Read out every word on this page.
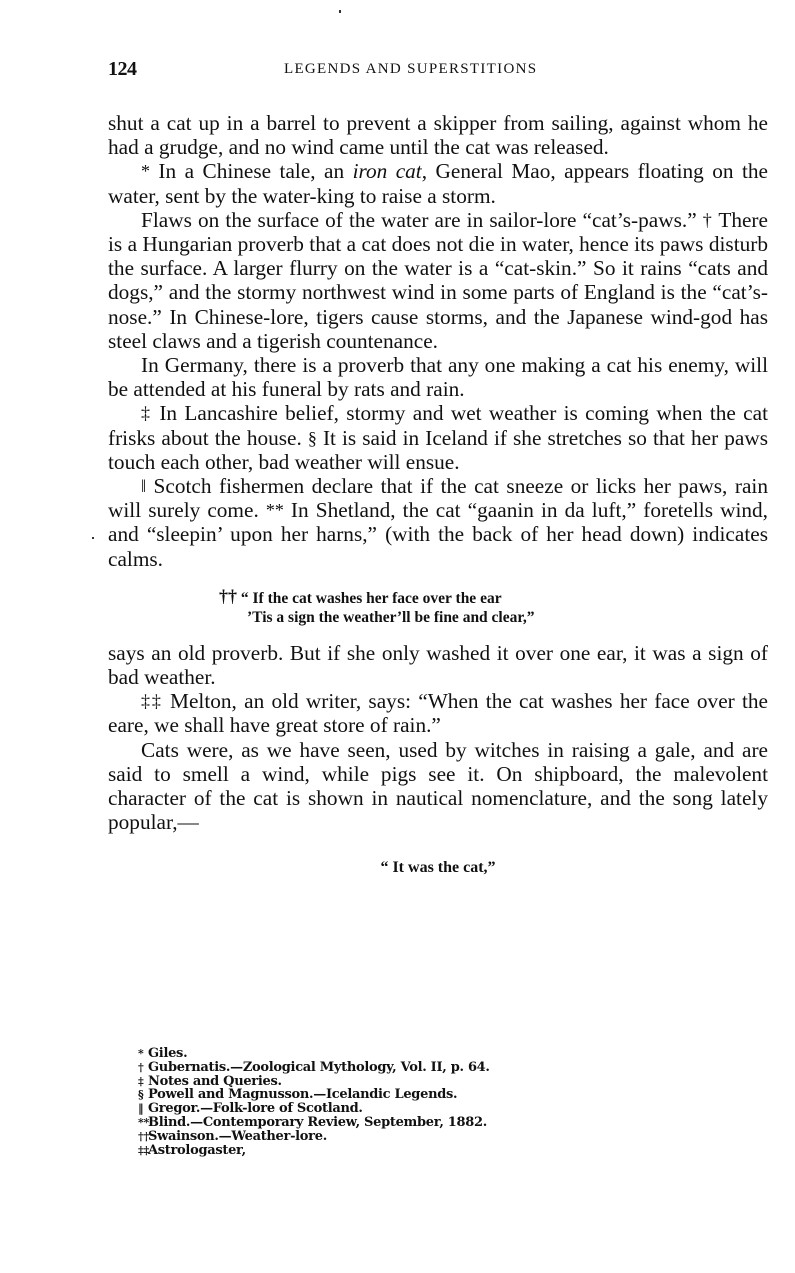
124	LEGENDS AND SUPERSTITIONS

shut a cat up in a barrel to prevent a skipper from sailing, against whom he had a grudge, and no wind came until the cat was released.

* In a Chinese tale, an iron cat, General Mao, appears floating on the water, sent by the water-king to raise a storm.

Flaws on the surface of the water are in sailor-lore “cat’s-paws.” † There is a Hungarian proverb that a cat does not die in water, hence its paws disturb the surface. A larger flurry on the water is a “cat-skin.” So it rains “cats and dogs,” and the stormy northwest wind in some parts of England is the “cat’s-nose.” In Chinese-lore, tigers cause storms, and the Japanese wind-god has steel claws and a tigerish countenance.

In Germany, there is a proverb that any one making a cat his enemy, will be attended at his funeral by rats and rain.

‡ In Lancashire belief, stormy and wet weather is coming when the cat frisks about the house. § It is said in Iceland if she stretches so that her paws touch each other, bad weather will ensue.

‖ Scotch fishermen declare that if the cat sneeze or licks her paws, rain will surely come. ** In Shetland, the cat “gaanin in da luft,” foretells wind, and “sleepin’ upon her harns,” (with the back of her head down) indicates calms.

†† “ If the cat washes her face over the ear
’Tis a sign the weather’ll be fine and clear,”

says an old proverb. But if she only washed it over one ear, it was a sign of bad weather.

‡‡ Melton, an old writer, says: “When the cat washes her face over the eare, we shall have great store of rain.”

Cats were, as we have seen, used by witches in raising a gale, and are said to smell a wind, while pigs see it. On shipboard, the malevolent character of the cat is shown in nautical nomenclature, and the song lately popular,—

“ It was the cat,”
* Giles.
† Gubernatis.—Zoological Mythology, Vol. II, p. 64.
‡ Notes and Queries.
§ Powell and Magnusson.—Icelandic Legends.
‖ Gregor.—Folk-lore of Scotland.
**Blind.—Contemporary Review, September, 1882.
††Swainson.—Weather-lore.
‡‡Astrologaster,
